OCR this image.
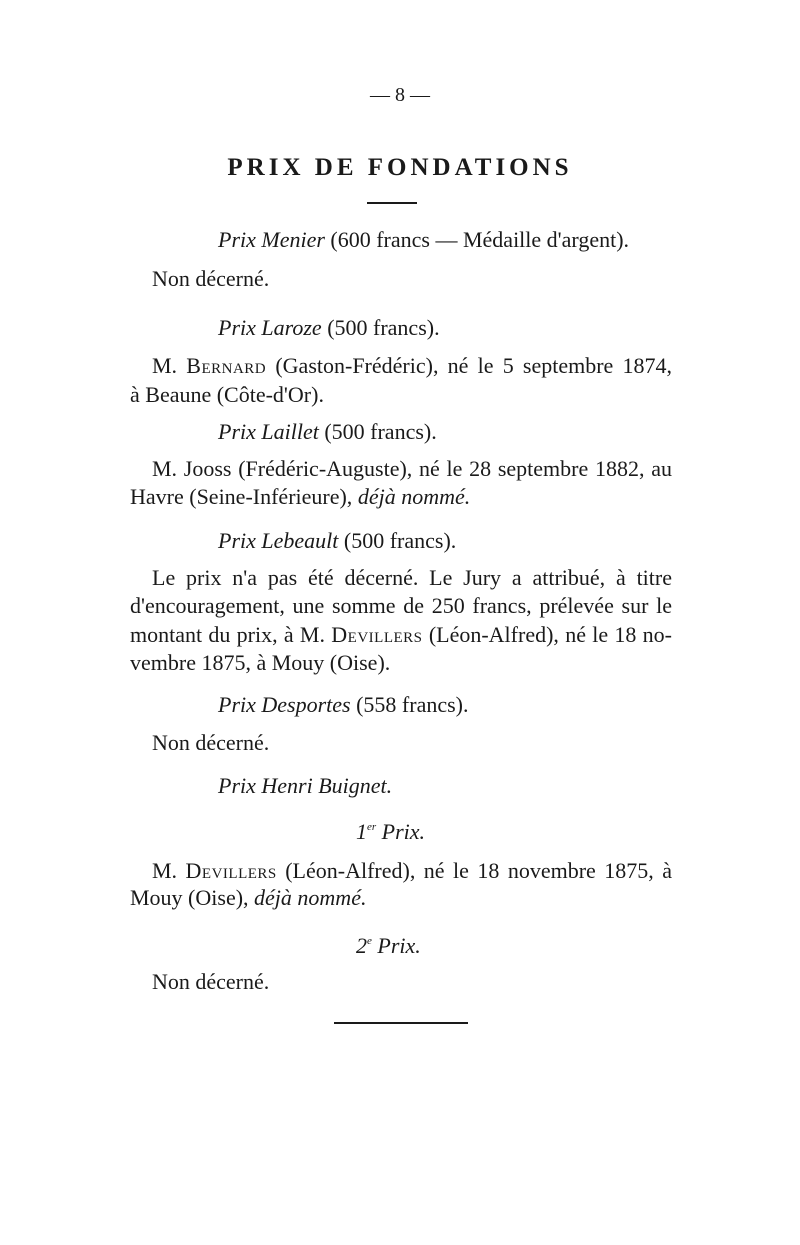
— 8 —
PRIX DE FONDATIONS
Prix Menier (600 francs — Médaille d'argent).
Non décerné.
Prix Laroze (500 francs).
M. Bernard (Gaston-Frédéric), né le 5 septembre 1874,
à Beaune (Côte-d'Or).
Prix Laillet (500 francs).
M. Jooss (Frédéric-Auguste), né le 28 septembre 1882, au
Havre (Seine-Inférieure), déjà nommé.
Prix Lebeault (500 francs).
Le prix n'a pas été décerné. Le Jury a attribué, à titre
d'encouragement, une somme de 250 francs, prélevée sur le
montant du prix, à M. Devillers (Léon-Alfred), né le 18 no-
vembre 1875, à Mouy (Oise).
Prix Desportes (558 francs).
Non décerné.
Prix Henri Buignet.
1er Prix.
M. Devillers (Léon-Alfred), né le 18 novembre 1875, à
Mouy (Oise), déjà nommé.
2e Prix.
Non décerné.
